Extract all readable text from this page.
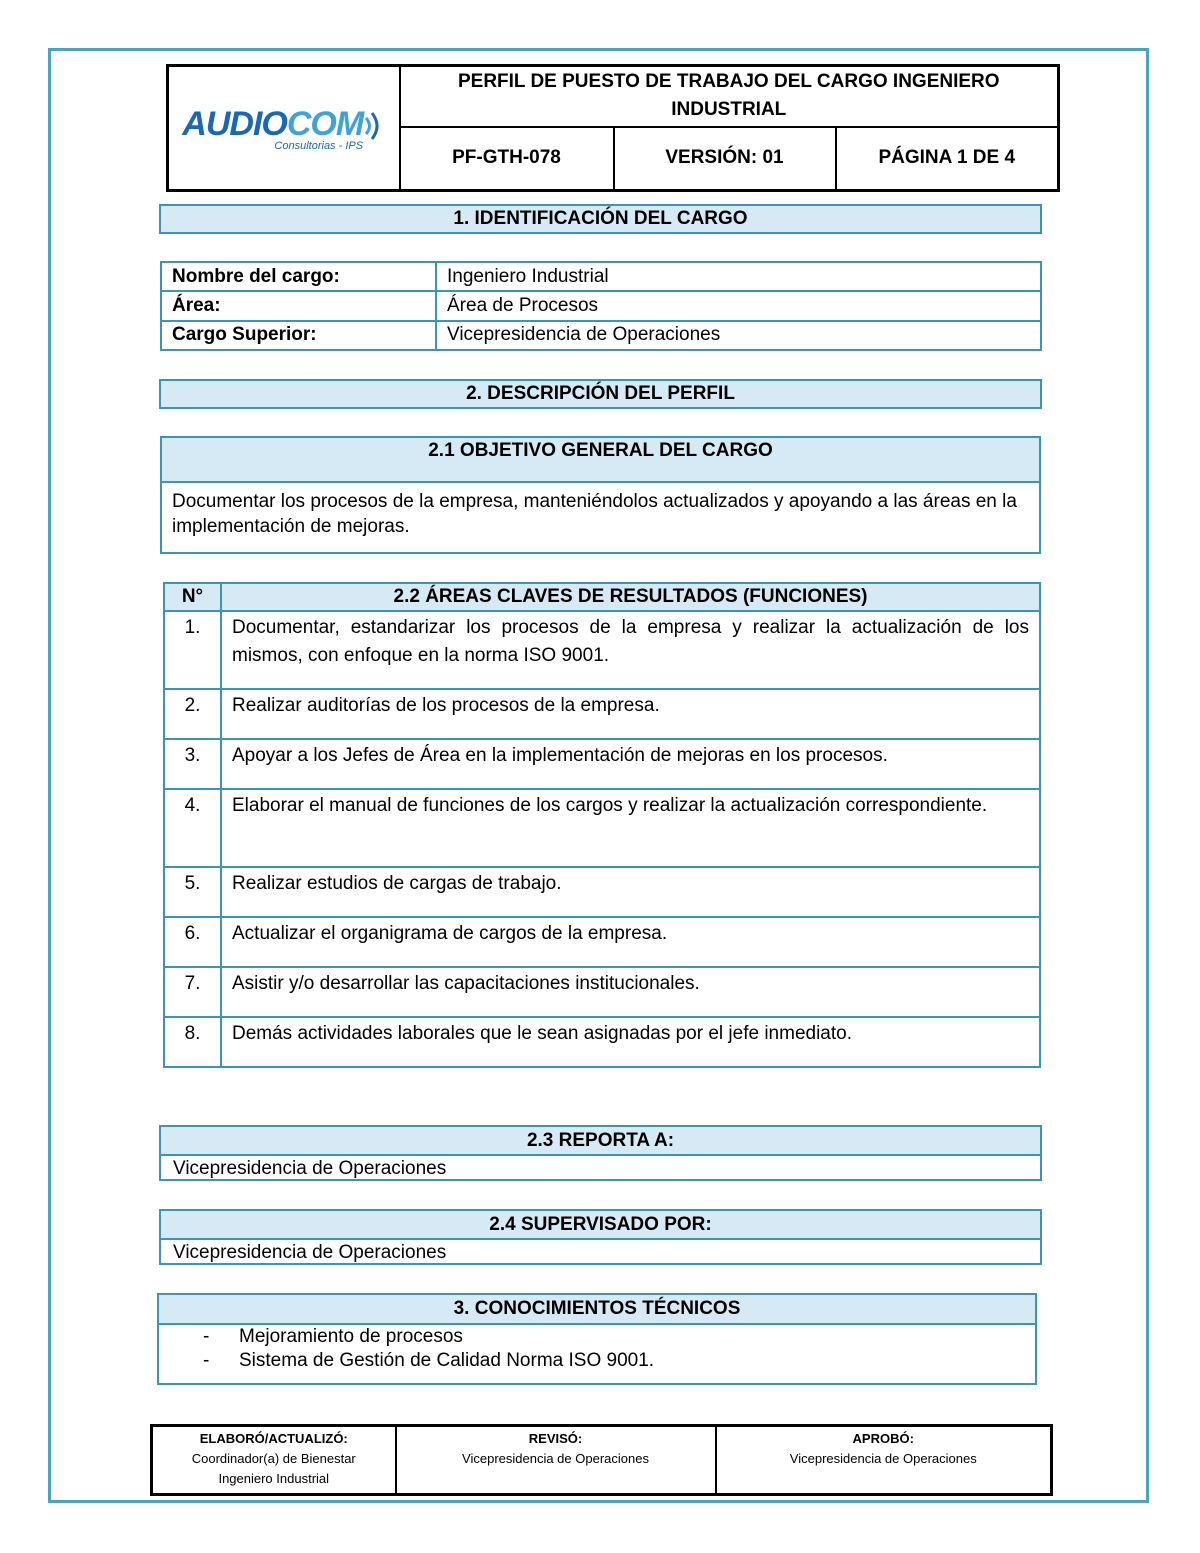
AUDIOCOM
Consultorias - IPS	PERFIL DE PUESTO DE TRABAJO DEL CARGO INGENIERO INDUSTRIAL		
	PF-GTH-078	VERSIÓN: 01	PÁGINA 1 DE 4
1. IDENTIFICACIÓN DEL CARGO
Nombre del cargo:	Ingeniero Industrial
Área:	Área de Procesos
Cargo Superior:	Vicepresidencia de Operaciones
2. DESCRIPCIÓN DEL PERFIL
2.1 OBJETIVO GENERAL DEL CARGO
Documentar los procesos de la empresa, manteniéndolos actualizados y apoyando a las áreas en la implementación de mejoras.
N°	2.2 ÁREAS CLAVES DE RESULTADOS (FUNCIONES)
1.	Documentar, estandarizar los procesos de la empresa y realizar la actualización de los mismos, con enfoque en la norma ISO 9001.
2.	Realizar auditorías de los procesos de la empresa.
3.	Apoyar a los Jefes de Área en la implementación de mejoras en los procesos.
4.	Elaborar el manual de funciones de los cargos y realizar la actualización correspondiente.
5.	Realizar estudios de cargas de trabajo.
6.	Actualizar el organigrama de cargos de la empresa.
7.	Asistir y/o desarrollar las capacitaciones institucionales.
8.	Demás actividades laborales que le sean asignadas por el jefe inmediato.
2.3 REPORTA A:
Vicepresidencia de Operaciones
2.4 SUPERVISADO POR:
Vicepresidencia de Operaciones
3. CONOCIMIENTOS TÉCNICOS
- Mejoramiento de procesos
- Sistema de Gestión de Calidad Norma ISO 9001.
ELABORÓ/ACTUALIZÓ:
Coordinador(a) de Bienestar
Ingeniero Industrial

REVISÓ:
Vicepresidencia de Operaciones

APROBÓ:
Vicepresidencia de Operaciones
